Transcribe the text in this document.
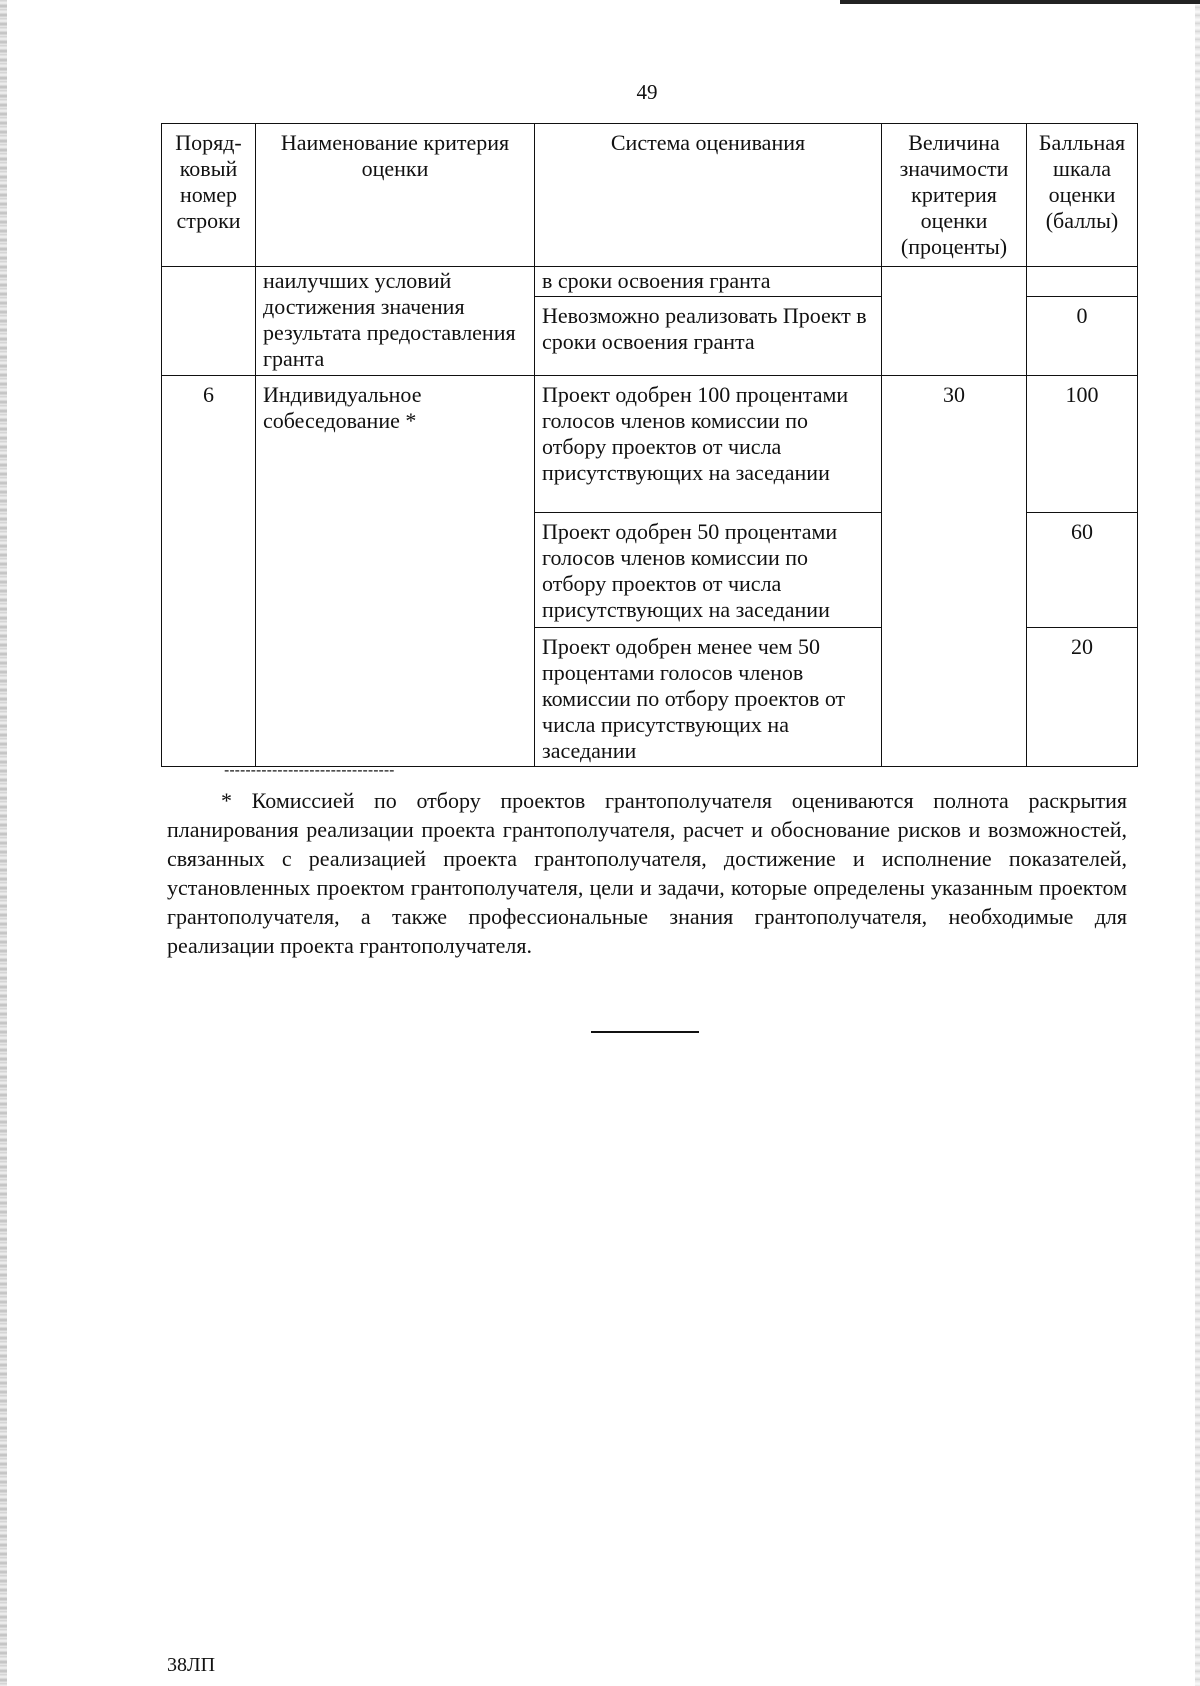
49
Поряд-ковый номер строки	Наименование критерия оценки	Система оценивания	Величина значимости критерия оценки (проценты)	Балльная шкала оценки (баллы)
	наилучших условий достижения значения результата предоставления гранта	в сроки освоения гранта		
		Невозможно реализовать Проект в сроки освоения гранта		0
6	Индивидуальное собеседование *	Проект одобрен 100 процентами голосов членов комиссии по отбору проектов от числа присутствующих на заседании	30	100
		Проект одобрен 50 процентами голосов членов комиссии по отбору проектов от числа присутствующих на заседании		60
		Проект одобрен менее чем 50 процентами голосов членов комиссии по отбору проектов от числа присутствующих на заседании		20
--------------------------------

* Комиссией по отбору проектов грантополучателя оцениваются полнота раскрытия планирования реализации проекта грантополучателя, расчет и обоснование рисков и возможностей, связанных с реализацией проекта грантополучателя, достижение и исполнение показателей, установленных проектом грантополучателя, цели и задачи, которые определены указанным проектом грантополучателя, а также профессиональные знания грантополучателя, необходимые для реализации проекта грантополучателя.

38ЛП
